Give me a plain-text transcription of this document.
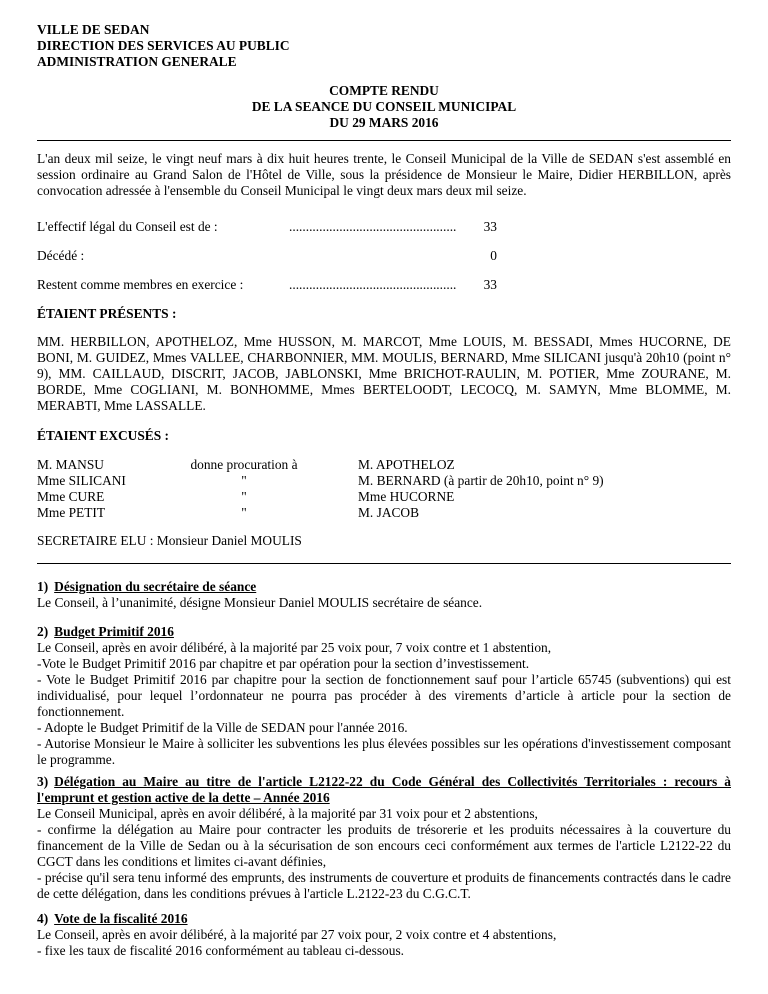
VILLE DE SEDAN
DIRECTION DES SERVICES AU PUBLIC
ADMINISTRATION GENERALE
COMPTE RENDU
DE LA SEANCE DU CONSEIL MUNICIPAL
DU 29 MARS 2016
L'an deux mil seize, le vingt neuf mars à dix huit heures trente, le Conseil Municipal de la Ville de SEDAN s'est assemblé en session ordinaire au Grand Salon de l'Hôtel de Ville, sous la présidence de Monsieur le Maire, Didier HERBILLON, après convocation adressée à l'ensemble du Conseil Municipal le vingt deux mars deux mil seize.
L'effectif légal du Conseil est de :	.................................................. 33
Décédé :	0
Restent comme membres en exercice :	.................................................. 33
ÉTAIENT PRÉSENTS :
MM. HERBILLON, APOTHELOZ, Mme HUSSON, M. MARCOT, Mme LOUIS, M. BESSADI, Mmes HUCORNE, DE BONI, M. GUIDEZ, Mmes VALLEE, CHARBONNIER, MM. MOULIS, BERNARD, Mme SILICANI jusqu'à 20h10 (point n° 9), MM. CAILLAUD, DISCRIT, JACOB, JABLONSKI, Mme BRICHOT-RAULIN, M. POTIER, Mme ZOURANE, M. BORDE, Mme COGLIANI, M. BONHOMME, Mmes BERTELOODT, LECOCQ, M. SAMYN, Mme BLOMME, M. MERABTI, Mme LASSALLE.
ÉTAIENT EXCUSÉS :
M. MANSU	donne procuration à	M. APOTHELOZ
Mme SILICANI	"	M. BERNARD (à partir de 20h10, point n° 9)
Mme CURE	"	Mme HUCORNE
Mme PETIT	"	M. JACOB
SECRETAIRE ELU : Monsieur Daniel MOULIS
1) Désignation du secrétaire de séance
Le Conseil, à l’unanimité, désigne Monsieur Daniel MOULIS secrétaire de séance.
2) Budget Primitif 2016
Le Conseil, après en avoir délibéré, à la majorité par 25 voix pour, 7 voix contre et 1 abstention,
-Vote le Budget Primitif 2016 par chapitre et par opération pour la section d’investissement.
- Vote le Budget Primitif 2016 par chapitre pour la section de fonctionnement sauf pour l’article 65745 (subventions) qui est individualisé, pour lequel l’ordonnateur ne pourra pas procéder à des virements d’article à article pour la section de fonctionnement.
- Adopte le Budget Primitif de la Ville de SEDAN pour l'année 2016.
- Autorise Monsieur le Maire à solliciter les subventions les plus élevées possibles sur les opérations d'investissement composant le programme.
3) Délégation au Maire au titre de l'article L2122-22 du Code Général des Collectivités Territoriales : recours à l'emprunt et gestion active de la dette – Année 2016
Le Conseil Municipal, après en avoir délibéré, à la majorité par 31 voix pour et 2 abstentions,
- confirme la délégation au Maire pour contracter les produits de trésorerie et les produits nécessaires à la couverture du financement de la Ville de Sedan ou à la sécurisation de son encours ceci conformément aux termes de l'article L2122-22 du CGCT dans les conditions et limites ci-avant définies,
- précise qu'il sera tenu informé des emprunts, des instruments de couverture et produits de financements contractés dans le cadre de cette délégation, dans les conditions prévues à l'article L.2122-23 du C.G.C.T.
4) Vote de la fiscalité 2016
Le Conseil, après en avoir délibéré, à la majorité par 27 voix pour, 2 voix contre et 4 abstentions,
- fixe les taux de fiscalité 2016 conformément au tableau ci-dessous.
